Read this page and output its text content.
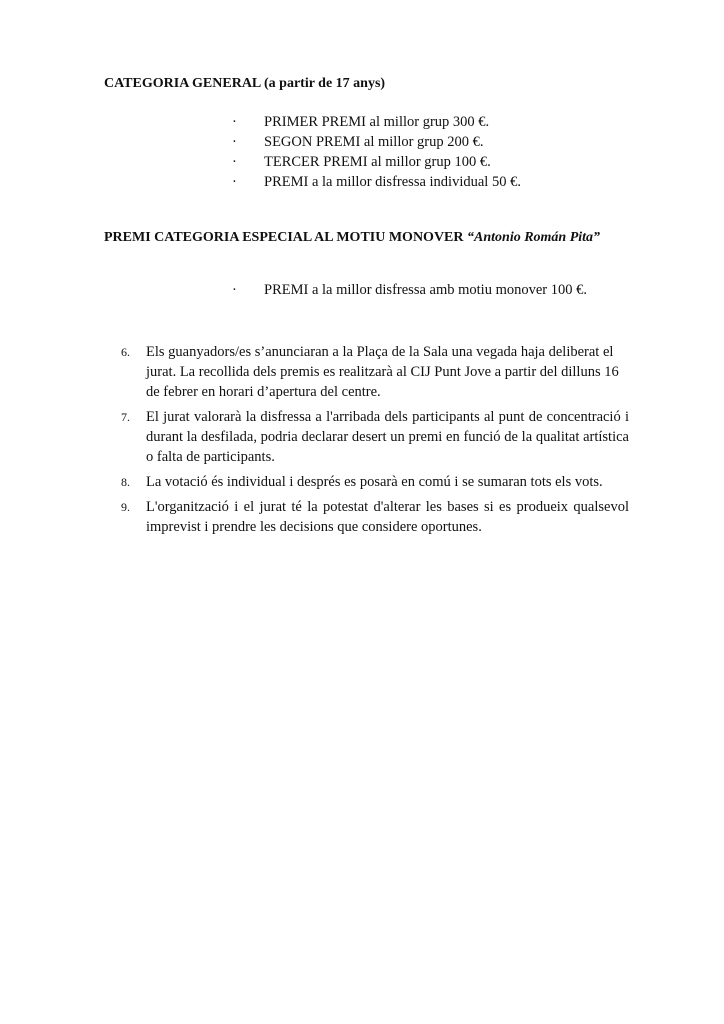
CATEGORIA GENERAL (a partir de 17 anys)
· PRIMER PREMI al millor grup 300 €.
· SEGON PREMI al millor grup 200 €.
· TERCER PREMI al millor grup 100 €.
· PREMI a la millor disfressa individual 50 €.
PREMI CATEGORIA ESPECIAL AL MOTIU MONOVER “Antonio Román Pita”
· PREMI a la millor disfressa amb motiu monover 100 €.
6. Els guanyadors/es s’anunciaran a la Plaça de la Sala una vegada haja deliberat el jurat. La recollida dels premis es realitzarà al CIJ Punt Jove a partir del dilluns 16 de febrer en horari d’apertura del centre.
7. El jurat valorarà la disfressa a l'arribada dels participants al punt de concentració i durant la desfilada, podria declarar desert un premi en funció de la qualitat artística o falta de participants.
8. La votació és individual i després es posarà en comú i se sumaran tots els vots.
9. L'organització i el jurat té la potestat d'alterar les bases si es produeix qualsevol imprevist i prendre les decisions que considere oportunes.
